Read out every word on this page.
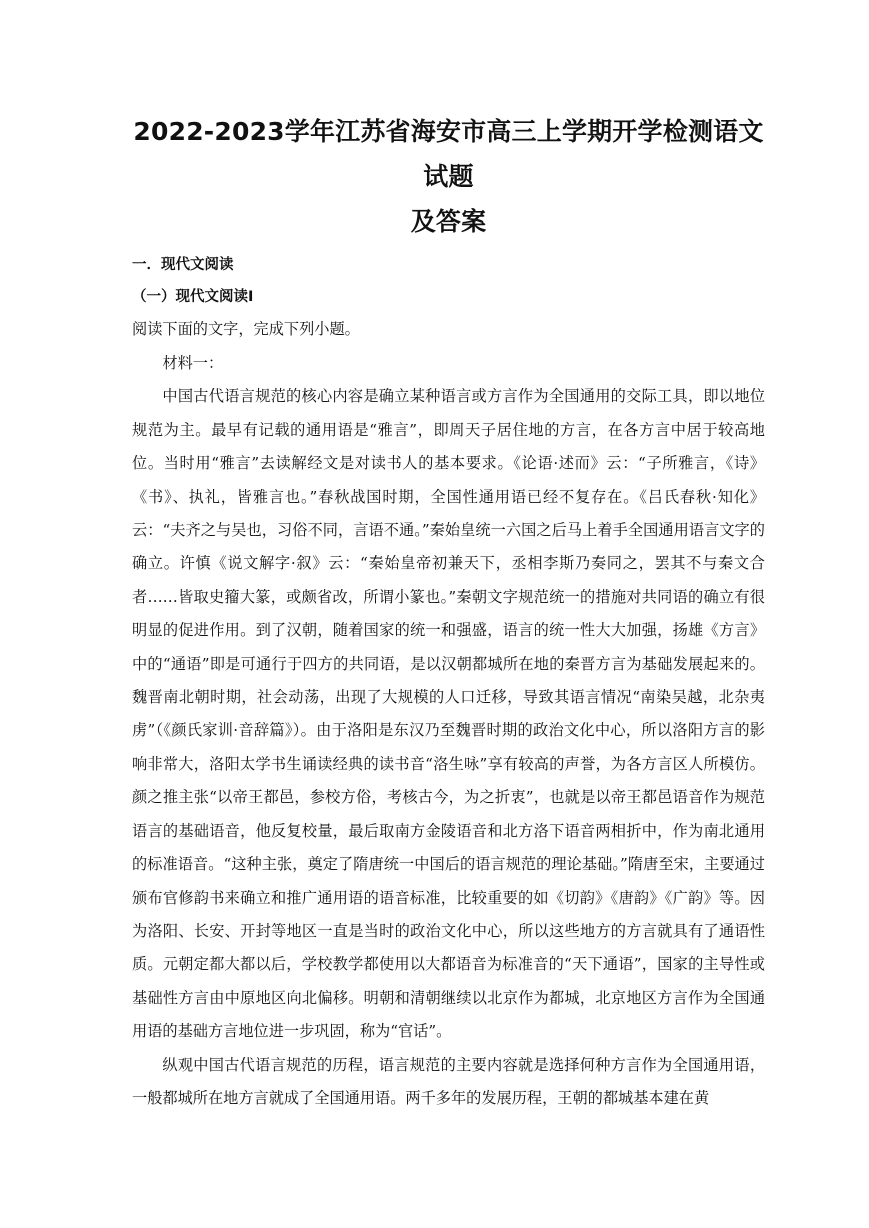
2022-2023学年江苏省海安市高三上学期开学检测语文试题
及答案

一．现代文阅读

（一）现代文阅读Ⅰ

阅读下面的文字，完成下列小题。

材料一：

中国古代语言规范的核心内容是确立某种语言或方言作为全国通用的交际工具，即以地位规范为主。最早有记载的通用语是“雅言”，即周天子居住地的方言，在各方言中居于较高地位。当时用“雅言”去读解经文是对读书人的基本要求。《论语·述而》云：“子所雅言，《诗》《书》、执礼，皆雅言也。”春秋战国时期，全国性通用语已经不复存在。《吕氏春秋·知化》云：“夫齐之与吴也，习俗不同，言语不通。”秦始皇统一六国之后马上着手全国通用语言文字的确立。许慎《说文解字·叙》云：“秦始皇帝初兼天下，丞相李斯乃奏同之，罢其不与秦文合者……皆取史籀大篆，或颇省改，所谓小篆也。”秦朝文字规范统一的措施对共同语的确立有很明显的促进作用。到了汉朝，随着国家的统一和强盛，语言的统一性大大加强，扬雄《方言》中的“通语”即是可通行于四方的共同语，是以汉朝都城所在地的秦晋方言为基础发展起来的。魏晋南北朝时期，社会动荡，出现了大规模的人口迁移，导致其语言情况“南染吴越，北杂夷虏”（《颜氏家训·音辞篇》）。由于洛阳是东汉乃至魏晋时期的政治文化中心，所以洛阳方言的影响非常大，洛阳太学书生诵读经典的读书音“洛生咏”享有较高的声誉，为各方言区人所模仿。颜之推主张“以帝王都邑，参校方俗，考核古今，为之折衷”，也就是以帝王都邑语音作为规范语言的基础语音，他反复校量，最后取南方金陵语音和北方洛下语音两相折中，作为南北通用的标准语音。“这种主张，奠定了隋唐统一中国后的语言规范的理论基础。”隋唐至宋，主要通过颁布官修韵书来确立和推广通用语的语音标准，比较重要的如《切韵》《唐韵》《广韵》等。因为洛阳、长安、开封等地区一直是当时的政治文化中心，所以这些地方的方言就具有了通语性质。元朝定都大都以后，学校教学都使用以大都语音为标准音的“天下通语”，国家的主导性或基础性方言由中原地区向北偏移。明朝和清朝继续以北京作为都城，北京地区方言作为全国通用语的基础方言地位进一步巩固，称为“官话”。

纵观中国古代语言规范的历程，语言规范的主要内容就是选择何种方言作为全国通用语，一般都城所在地方言就成了全国通用语。两千多年的发展历程，王朝的都城基本建在黄
